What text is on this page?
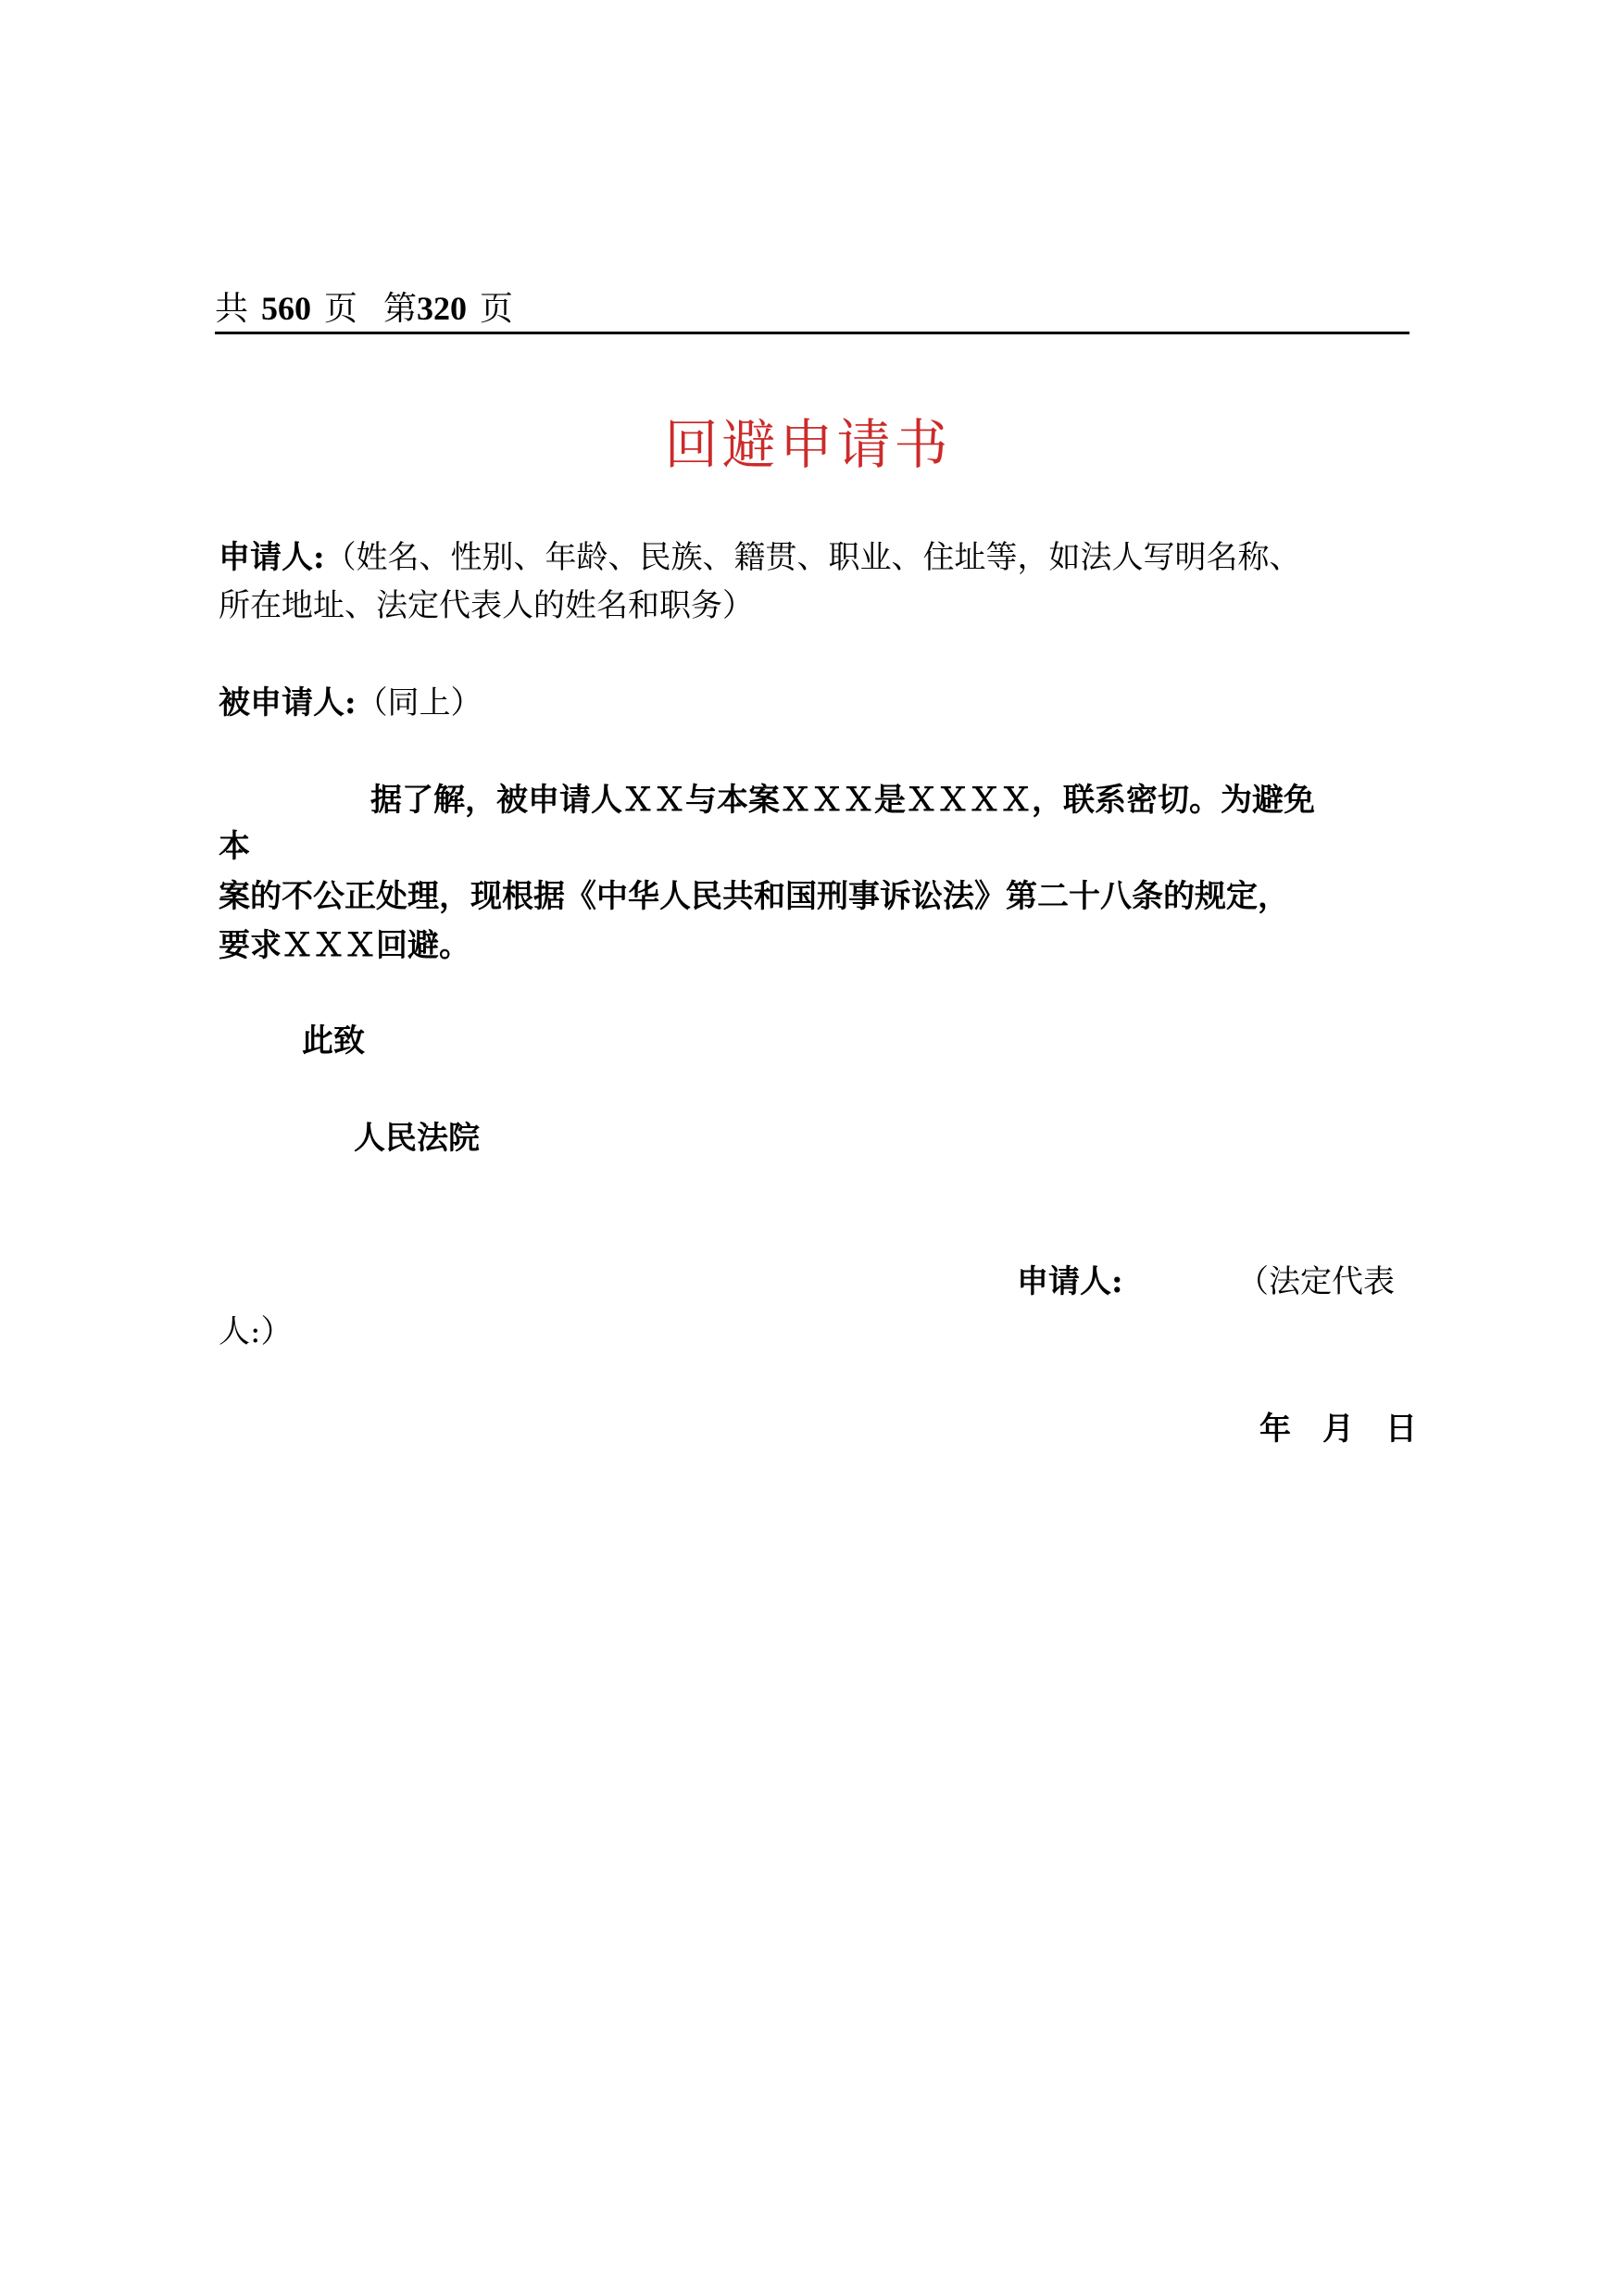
共 560 页 第320 页
回避申请书
申请人:（姓名、性别、年龄、民族、籍贯、职业、住址等，如法人写明名称、
所在地址、法定代表人的姓名和职务）
被申请人:（同上）
据了解，被申请人ＸＸ与本案ＸＸＸ是ＸＸＸＸ，联系密切。为避免
本
案的不公正处理，现根据《中华人民共和国刑事诉讼法》第二十八条的规定，
要求ＸＸＸ回避。
此致
人民法院
申请人:	（法定代表
人:）
年　月　日
